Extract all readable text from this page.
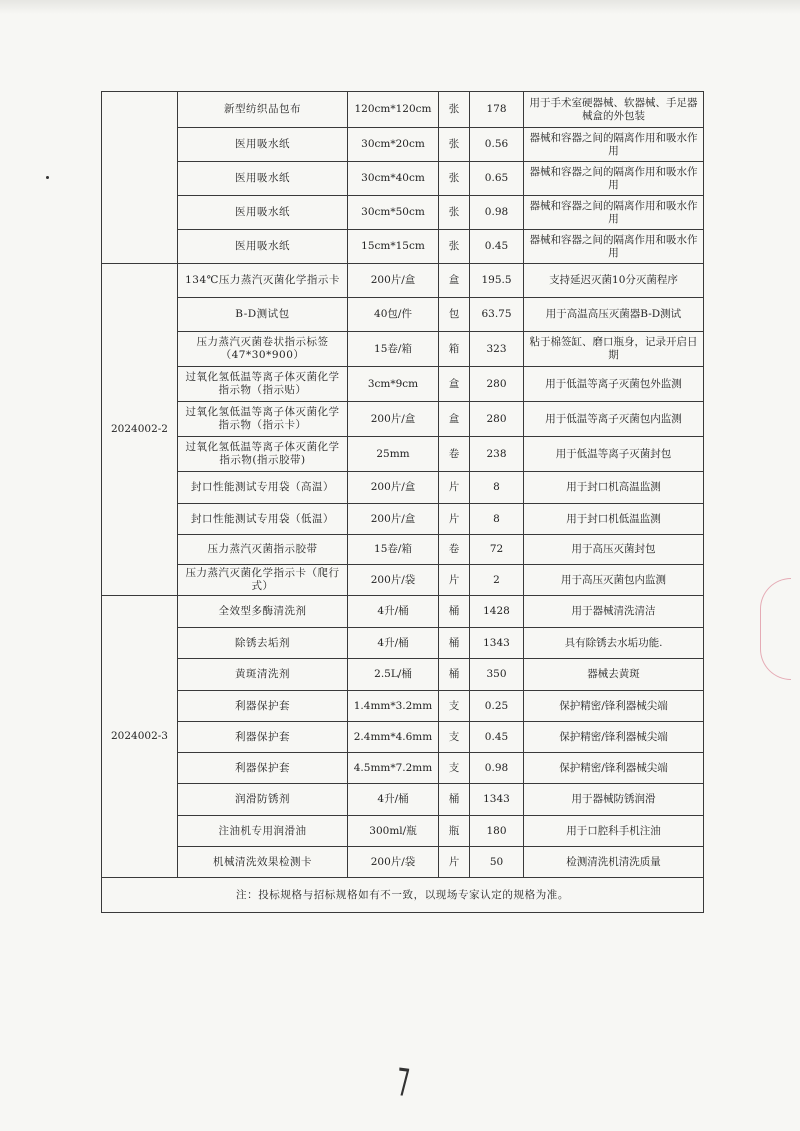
	新型纺织品包布	120cm*120cm	张	178	用于手术室硬器械、软器械、手足器械盒的外包装
	医用吸水纸	30cm*20cm	张	0.56	器械和容器之间的隔离作用和吸水作用
	医用吸水纸	30cm*40cm	张	0.65	器械和容器之间的隔离作用和吸水作用
	医用吸水纸	30cm*50cm	张	0.98	器械和容器之间的隔离作用和吸水作用
	医用吸水纸	15cm*15cm	张	0.45	器械和容器之间的隔离作用和吸水作用
2024002-2	134℃压力蒸汽灭菌化学指示卡	200片/盒	盒	195.5	支持延迟灭菌10分灭菌程序
	B-D测试包	40包/件	包	63.75	用于高温高压灭菌器B-D测试
	压力蒸汽灭菌卷状指示标签（47*30*900）	15卷/箱	箱	323	粘于棉签缸、磨口瓶身，记录开启日期
	过氧化氢低温等离子体灭菌化学指示物（指示贴）	3cm*9cm	盒	280	用于低温等离子灭菌包外监测
	过氧化氢低温等离子体灭菌化学指示物（指示卡）	200片/盒	盒	280	用于低温等离子灭菌包内监测
	过氧化氢低温等离子体灭菌化学指示物(指示胶带)	25mm	卷	238	用于低温等离子灭菌封包
	封口性能测试专用袋（高温）	200片/盒	片	8	用于封口机高温监测
	封口性能测试专用袋（低温）	200片/盒	片	8	用于封口机低温监测
	压力蒸汽灭菌指示胶带	15卷/箱	卷	72	用于高压灭菌封包
	压力蒸汽灭菌化学指示卡（爬行式）	200片/袋	片	2	用于高压灭菌包内监测
2024002-3	全效型多酶清洗剂	4升/桶	桶	1428	用于器械清洗清洁
	除锈去垢剂	4升/桶	桶	1343	具有除锈去水垢功能.
	黄斑清洗剂	2.5L/桶	桶	350	器械去黄斑
	利器保护套	1.4mm*3.2mm	支	0.25	保护精密/锋利器械尖端
	利器保护套	2.4mm*4.6mm	支	0.45	保护精密/锋利器械尖端
	利器保护套	4.5mm*7.2mm	支	0.98	保护精密/锋利器械尖端
	润滑防锈剂	4升/桶	桶	1343	用于器械防锈润滑
	注油机专用润滑油	300ml/瓶	瓶	180	用于口腔科手机注油
	机械清洗效果检测卡	200片/袋	片	50	检测清洗机清洗质量
注：投标规格与招标规格如有不一致，以现场专家认定的规格为准。					
7
